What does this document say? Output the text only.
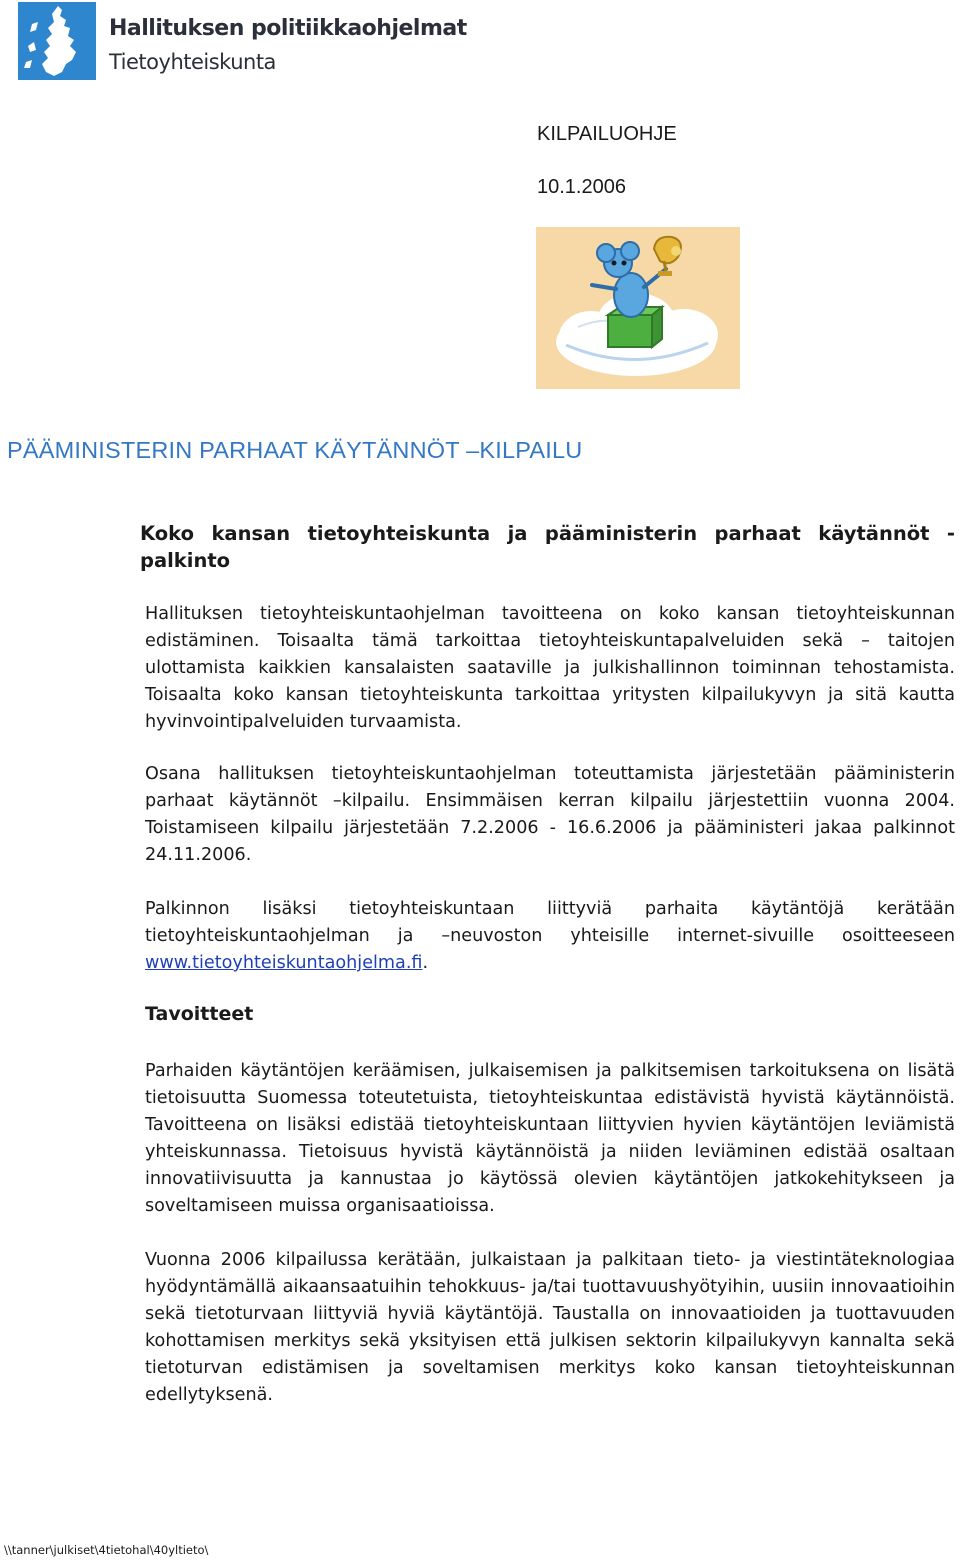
Hallituksen politiikkaohjelmat
Tietoyhteiskunta
KILPAILUOHJE
10.1.2006
PÄÄMINISTERIN PARHAAT KÄYTÄNNÖT –KILPAILU
Koko kansan tietoyhteiskunta ja pääministerin parhaat käytännöt -palkinto

Hallituksen tietoyhteiskuntaohjelman tavoitteena on koko kansan tietoyhteiskunnan edistäminen. Toisaalta tämä tarkoittaa tietoyhteiskuntapalveluiden sekä – taitojen ulottamista kaikkien kansalaisten saataville ja julkishallinnon toiminnan tehostamista. Toisaalta koko kansan tietoyhteiskunta tarkoittaa yritysten kilpailukyvyn ja sitä kautta hyvinvointipalveluiden turvaamista.

Osana hallituksen tietoyhteiskuntaohjelman toteuttamista järjestetään pääministerin parhaat käytännöt –kilpailu. Ensimmäisen kerran kilpailu järjestettiin vuonna 2004. Toistamiseen kilpailu järjestetään 7.2.2006 - 16.6.2006 ja pääministeri jakaa palkinnot 24.11.2006.

Palkinnon lisäksi tietoyhteiskuntaan liittyviä parhaita käytäntöjä kerätään tietoyhteiskuntaohjelman ja –neuvoston yhteisille internet-sivuille osoitteeseen www.tietoyhteiskuntaohjelma.fi.

Tavoitteet

Parhaiden käytäntöjen keräämisen, julkaisemisen ja palkitsemisen tarkoituksena on lisätä tietoisuutta Suomessa toteutetuista, tietoyhteiskuntaa edistävistä hyvistä käytännöistä. Tavoitteena on lisäksi edistää tietoyhteiskuntaan liittyvien hyvien käytäntöjen leviämistä yhteiskunnassa. Tietoisuus hyvistä käytännöistä ja niiden leviäminen edistää osaltaan innovatiivisuutta ja kannustaa jo käytössä olevien käytäntöjen jatkokehitykseen ja soveltamiseen muissa organisaatioissa.

Vuonna 2006 kilpailussa kerätään, julkaistaan ja palkitaan tieto- ja viestintäteknologiaa hyödyntämällä aikaansaatuihin tehokkuus- ja/tai tuottavuushyötyihin, uusiin innovaatioihin sekä tietoturvaan liittyviä hyviä käytäntöjä. Taustalla on innovaatioiden ja tuottavuuden kohottamisen merkitys sekä yksityisen että julkisen sektorin kilpailukyvyn kannalta sekä tietoturvan edistämisen ja soveltamisen merkitys koko kansan tietoyhteiskunnan edellytyksenä.

\\tanner\julkiset\4tietohal\40yltieto\
